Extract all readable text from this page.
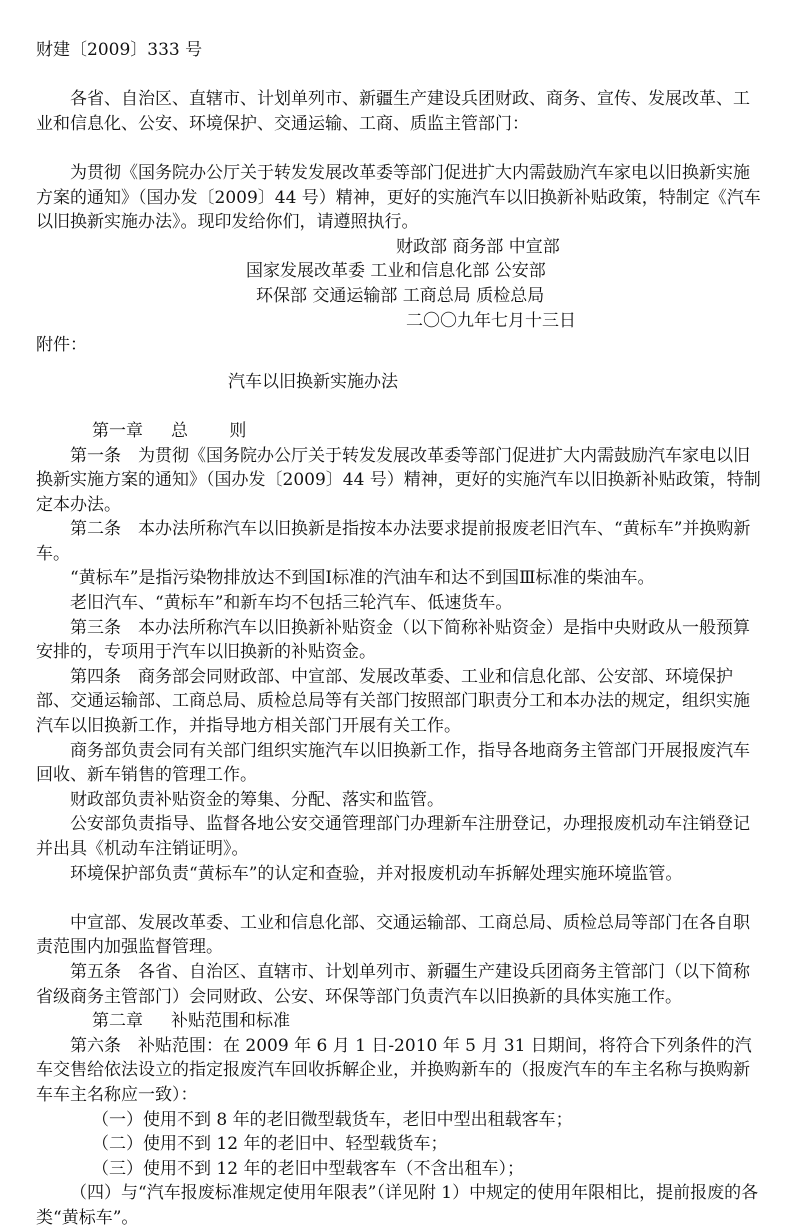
财建〔2009〕333 号

各省、自治区、直辖市、计划单列市、新疆生产建设兵团财政、商务、宣传、发展改革、工业和信息化、公安、环境保护、交通运输、工商、质监主管部门：

为贯彻《国务院办公厅关于转发发展改革委等部门促进扩大内需鼓励汽车家电以旧换新实施方案的通知》（国办发〔2009〕44 号）精神，更好的实施汽车以旧换新补贴政策，特制定《汽车以旧换新实施办法》。现印发给你们，请遵照执行。

财政部 商务部 中宣部

国家发展改革委 工业和信息化部 公安部

环保部 交通运输部 工商总局 质检总局

二〇〇九年七月十三日

附件：

汽车以旧换新实施办法

第一章 总 则

第一条　 为贯彻《国务院办公厅关于转发发展改革委等部门促进扩大内需鼓励汽车家电以旧换新实施方案的通知》（国办发〔2009〕44 号）精神，更好的实施汽车以旧换新补贴政策，特制定本办法。

第二条　 本办法所称汽车以旧换新是指按本办法要求提前报废老旧汽车、“黄标车”并换购新车。

“黄标车”是指污染物排放达不到国Ⅰ标准的汽油车和达不到国Ⅲ标准的柴油车。

老旧汽车、“黄标车”和新车均不包括三轮汽车、低速货车。

第三条　 本办法所称汽车以旧换新补贴资金（以下简称补贴资金）是指中央财政从一般预算安排的，专项用于汽车以旧换新的补贴资金。

第四条　 商务部会同财政部、中宣部、发展改革委、工业和信息化部、公安部、环境保护部、交通运输部、工商总局、质检总局等有关部门按照部门职责分工和本办法的规定，组织实施汽车以旧换新工作，并指导地方相关部门开展有关工作。

商务部负责会同有关部门组织实施汽车以旧换新工作，指导各地商务主管部门开展报废汽车回收、新车销售的管理工作。

财政部负责补贴资金的筹集、分配、落实和监管。

公安部负责指导、监督各地公安交通管理部门办理新车注册登记，办理报废机动车注销登记并出具《机动车注销证明》。

环境保护部负责“黄标车”的认定和查验，并对报废机动车拆解处理实施环境监管。

中宣部、发展改革委、工业和信息化部、交通运输部、工商总局、质检总局等部门在各自职责范围内加强监督管理。

第五条　 各省、自治区、直辖市、计划单列市、新疆生产建设兵团商务主管部门（以下简称省级商务主管部门）会同财政、公安、环保等部门负责汽车以旧换新的具体实施工作。

第二章 补贴范围和标准

第六条　 补贴范围：在 2009 年 6 月 1 日-2010 年 5 月 31 日期间，将符合下列条件的汽车交售给依法设立的指定报废汽车回收拆解企业，并换购新车的（报废汽车的车主名称与换购新车车主名称应一致）：

（一）使用不到 8 年的老旧微型载货车，老旧中型出租载客车；

（二）使用不到 12 年的老旧中、轻型载货车；

（三）使用不到 12 年的老旧中型载客车（不含出租车）；

（四）与“汽车报废标准规定使用年限表”（详见附 1）中规定的使用年限相比，提前报废的各类“黄标车”。
